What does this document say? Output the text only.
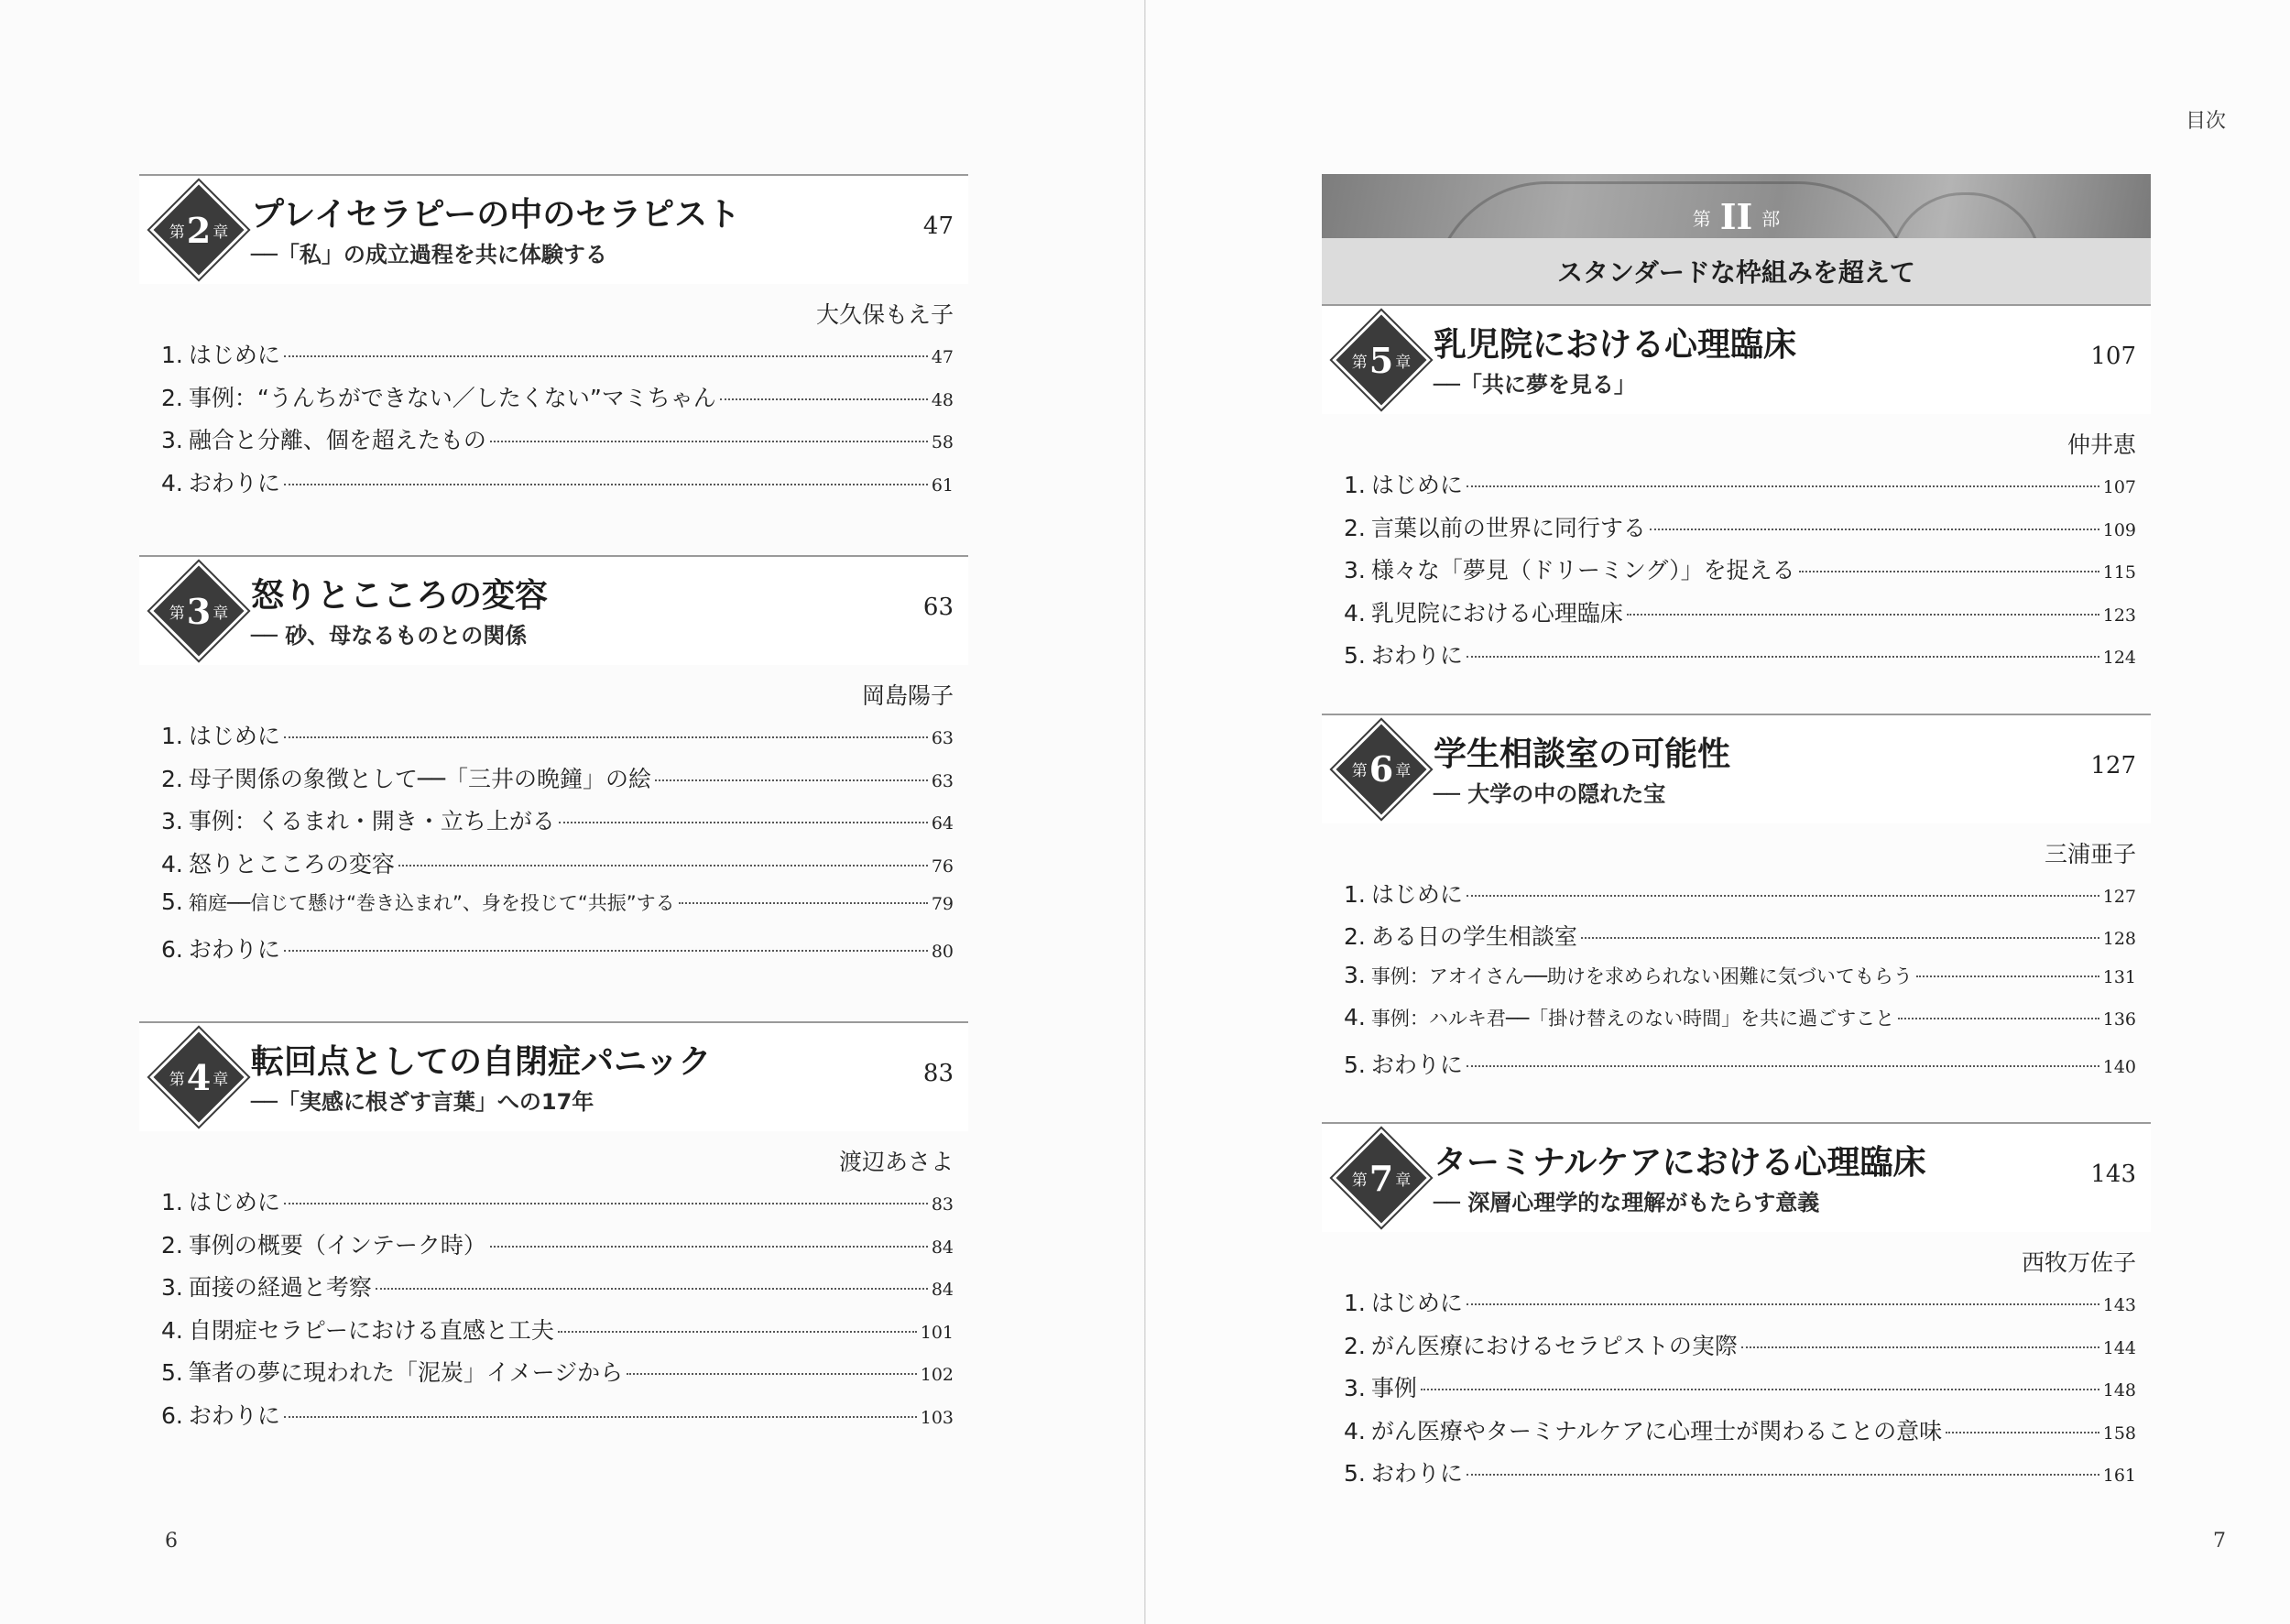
目次
6	7
第 2 章 プレイセラピーの中のセラピスト
──「私」の成立過程を共に体験する
47
大久保もえ子
1. はじめに	47
2. 事例：“うんちができない／したくない”マミちゃん	48
3. 融合と分離、個を超えたもの	58
4. おわりに	61
第 3 章 怒りとこころの変容
── 砂、母なるものとの関係
63
岡島陽子
1. はじめに	63
2. 母子関係の象徴として──「三井の晩鐘」の絵	63
3. 事例：くるまれ・開き・立ち上がる	64
4. 怒りとこころの変容	76
5. 箱庭──信じて懸け“巻き込まれ”、身を投じて“共振”する	79
6. おわりに	80
第 4 章 転回点としての自閉症パニック
──「実感に根ざす言葉」への17年
83
渡辺あさよ
1. はじめに	83
2. 事例の概要（インテーク時）	84
3. 面接の経過と考察	84
4. 自閉症セラピーにおける直感と工夫	101
5. 筆者の夢に現われた「泥炭」イメージから	102
6. おわりに	103
第 II 部
スタンダードな枠組みを超えて
第 5 章 乳児院における心理臨床
──「共に夢を見る」
107
仲井恵
1. はじめに	107
2. 言葉以前の世界に同行する	109
3. 様々な「夢見（ドリーミング）」を捉える	115
4. 乳児院における心理臨床	123
5. おわりに	124
第 6 章 学生相談室の可能性
── 大学の中の隠れた宝
127
三浦亜子
1. はじめに	127
2. ある日の学生相談室	128
3. 事例：アオイさん──助けを求められない困難に気づいてもらう	131
4. 事例：ハルキ君──「掛け替えのない時間」を共に過ごすこと	136
5. おわりに	140
第 7 章 ターミナルケアにおける心理臨床
── 深層心理学的な理解がもたらす意義
143
西牧万佐子
1. はじめに	143
2. がん医療におけるセラピストの実際	144
3. 事例	148
4. がん医療やターミナルケアに心理士が関わることの意味	158
5. おわりに	161
